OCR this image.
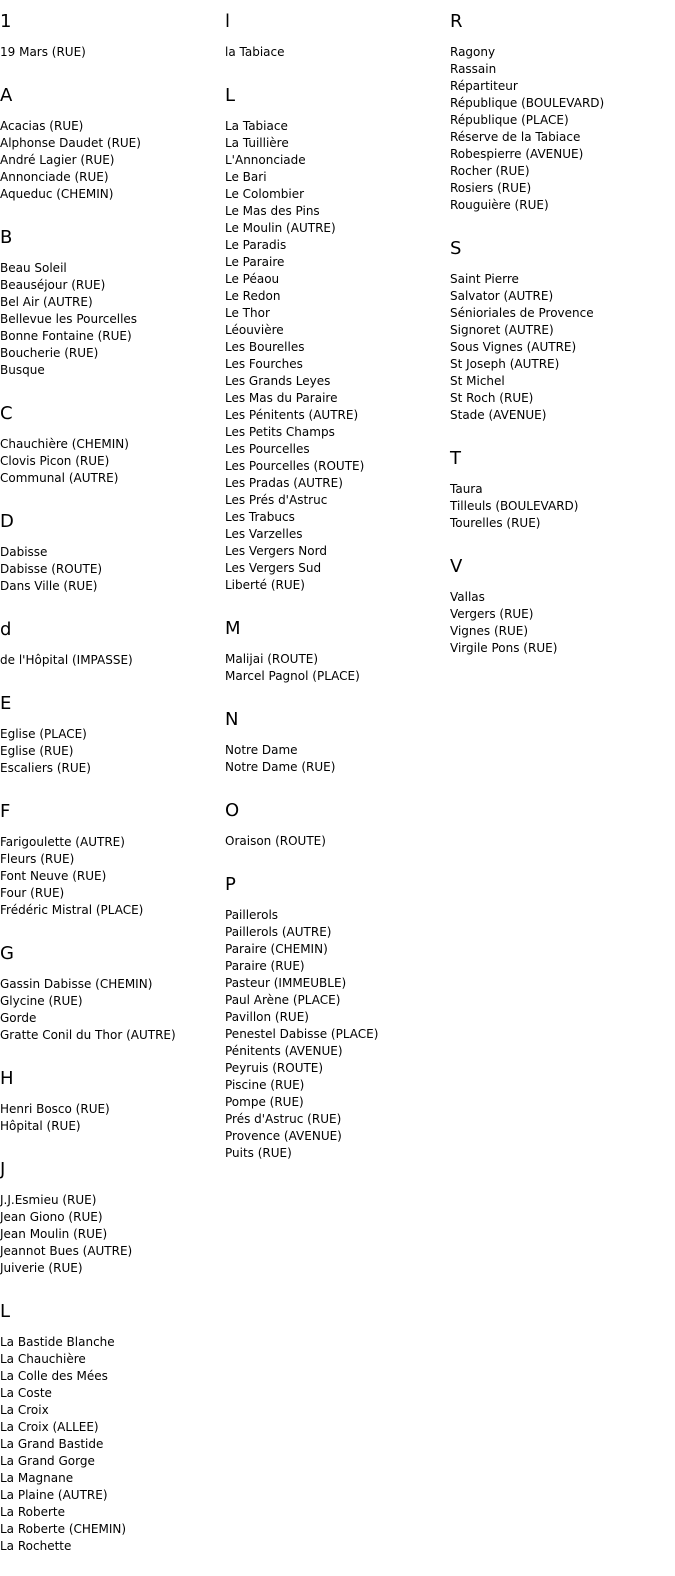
1
19 Mars (RUE)
A
Acacias (RUE)
Alphonse Daudet (RUE)
André Lagier (RUE)
Annonciade (RUE)
Aqueduc (CHEMIN)
B
Beau Soleil
Beauséjour (RUE)
Bel Air (AUTRE)
Bellevue les Pourcelles
Bonne Fontaine (RUE)
Boucherie (RUE)
Busque
C
Chauchière (CHEMIN)
Clovis Picon (RUE)
Communal (AUTRE)
D
Dabisse
Dabisse (ROUTE)
Dans Ville (RUE)
d
de l'Hôpital (IMPASSE)
E
Eglise (PLACE)
Eglise (RUE)
Escaliers (RUE)
F
Farigoulette (AUTRE)
Fleurs (RUE)
Font Neuve (RUE)
Four (RUE)
Frédéric Mistral (PLACE)
G
Gassin Dabisse (CHEMIN)
Glycine (RUE)
Gorde
Gratte Conil du Thor (AUTRE)
H
Henri Bosco (RUE)
Hôpital (RUE)
J
J.J.Esmieu (RUE)
Jean Giono (RUE)
Jean Moulin (RUE)
Jeannot Bues (AUTRE)
Juiverie (RUE)
L
La Bastide Blanche
La Chauchière
La Colle des Mées
La Coste
La Croix
La Croix (ALLEE)
La Grand Bastide
La Grand Gorge
La Magnane
La Plaine (AUTRE)
La Roberte
La Roberte (CHEMIN)
La Rochette
l
la Tabiace
L
La Tabiace
La Tuillière
L'Annonciade
Le Bari
Le Colombier
Le Mas des Pins
Le Moulin (AUTRE)
Le Paradis
Le Paraire
Le Péaou
Le Redon
Le Thor
Léouvière
Les Bourelles
Les Fourches
Les Grands Leyes
Les Mas du Paraire
Les Pénitents (AUTRE)
Les Petits Champs
Les Pourcelles
Les Pourcelles (ROUTE)
Les Pradas (AUTRE)
Les Prés d'Astruc
Les Trabucs
Les Varzelles
Les Vergers Nord
Les Vergers Sud
Liberté (RUE)
M
Malijai (ROUTE)
Marcel Pagnol (PLACE)
N
Notre Dame
Notre Dame (RUE)
O
Oraison (ROUTE)
P
Paillerols
Paillerols (AUTRE)
Paraire (CHEMIN)
Paraire (RUE)
Pasteur (IMMEUBLE)
Paul Arène (PLACE)
Pavillon (RUE)
Penestel Dabisse (PLACE)
Pénitents (AVENUE)
Peyruis (ROUTE)
Piscine (RUE)
Pompe (RUE)
Prés d'Astruc (RUE)
Provence (AVENUE)
Puits (RUE)
R
Ragony
Rassain
Répartiteur
République (BOULEVARD)
République (PLACE)
Réserve de la Tabiace
Robespierre (AVENUE)
Rocher (RUE)
Rosiers (RUE)
Rouguière (RUE)
S
Saint Pierre
Salvator (AUTRE)
Sénioriales de Provence
Signoret (AUTRE)
Sous Vignes (AUTRE)
St Joseph (AUTRE)
St Michel
St Roch (RUE)
Stade (AVENUE)
T
Taura
Tilleuls (BOULEVARD)
Tourelles (RUE)
V
Vallas
Vergers (RUE)
Vignes (RUE)
Virgile Pons (RUE)
